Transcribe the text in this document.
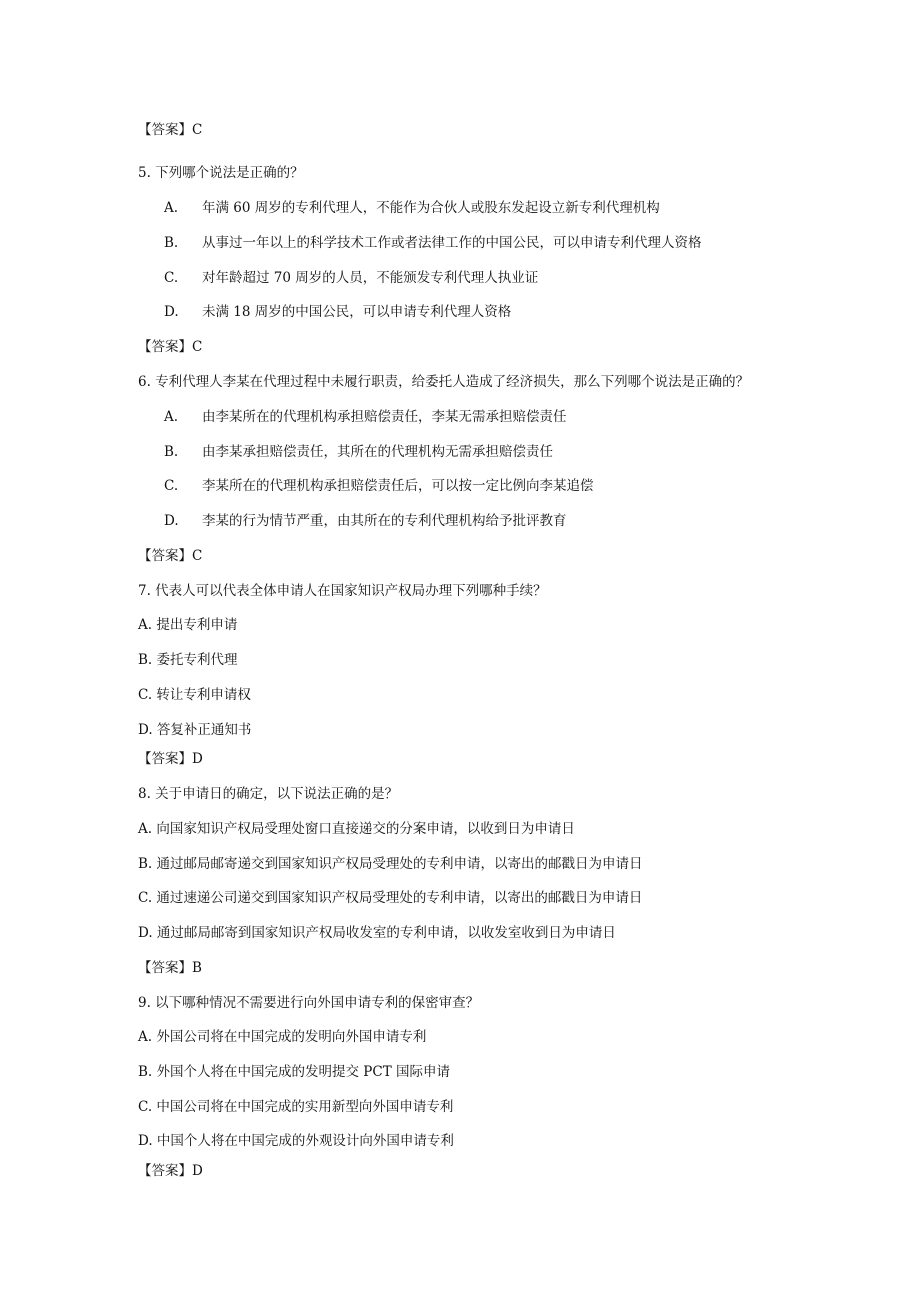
【答案】C
5. 下列哪个说法是正确的？
A. 年满 60 周岁的专利代理人，不能作为合伙人或股东发起设立新专利代理机构
B. 从事过一年以上的科学技术工作或者法律工作的中国公民，可以申请专利代理人资格
C. 对年龄超过 70 周岁的人员，不能颁发专利代理人执业证
D. 未满 18 周岁的中国公民，可以申请专利代理人资格
【答案】C
6. 专利代理人李某在代理过程中未履行职责，给委托人造成了经济损失，那么下列哪个说法是正确的？
A. 由李某所在的代理机构承担赔偿责任，李某无需承担赔偿责任
B. 由李某承担赔偿责任，其所在的代理机构无需承担赔偿责任
C. 李某所在的代理机构承担赔偿责任后，可以按一定比例向李某追偿
D. 李某的行为情节严重，由其所在的专利代理机构给予批评教育
【答案】C
7. 代表人可以代表全体申请人在国家知识产权局办理下列哪种手续？
A. 提出专利申请
B. 委托专利代理
C. 转让专利申请权
D. 答复补正通知书
【答案】D
8. 关于申请日的确定，以下说法正确的是？
A. 向国家知识产权局受理处窗口直接递交的分案申请，以收到日为申请日
B. 通过邮局邮寄递交到国家知识产权局受理处的专利申请，以寄出的邮戳日为申请日
C. 通过速递公司递交到国家知识产权局受理处的专利申请，以寄出的邮戳日为申请日
D. 通过邮局邮寄到国家知识产权局收发室的专利申请，以收发室收到日为申请日
【答案】B
9. 以下哪种情况不需要进行向外国申请专利的保密审查？
A. 外国公司将在中国完成的发明向外国申请专利
B. 外国个人将在中国完成的发明提交 PCT 国际申请
C. 中国公司将在中国完成的实用新型向外国申请专利
D. 中国个人将在中国完成的外观设计向外国申请专利
【答案】D
